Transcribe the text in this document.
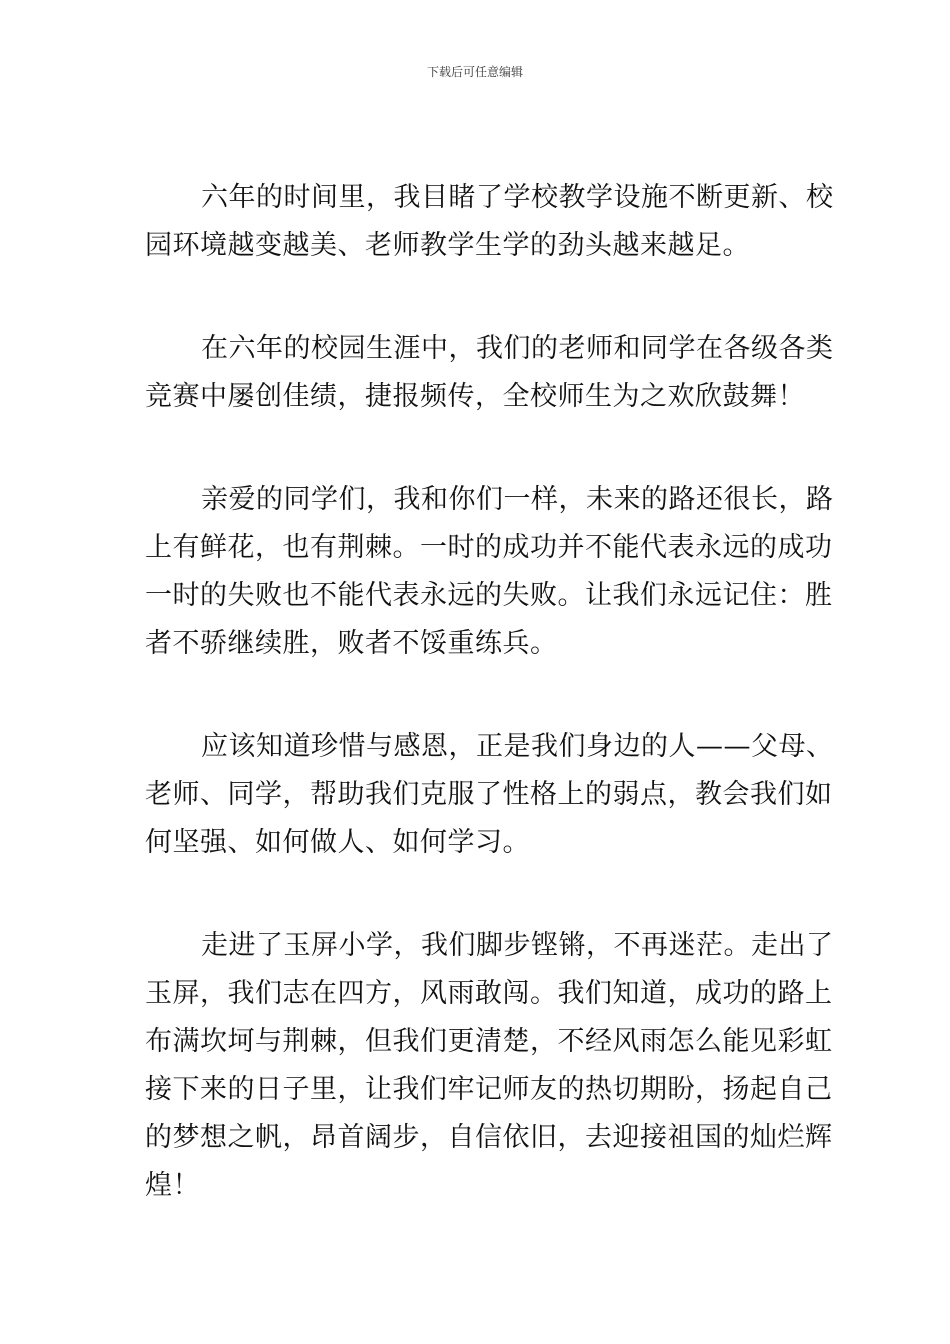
下载后可任意编辑
六年的时间里，我目睹了学校教学设施不断更新、校
园环境越变越美、老师教学生学的劲头越来越足。
在六年的校园生涯中，我们的老师和同学在各级各类
竞赛中屡创佳绩，捷报频传，全校师生为之欢欣鼓舞！
亲爱的同学们，我和你们一样，未来的路还很长，路
上有鲜花，也有荆棘。一时的成功并不能代表永远的成功
一时的失败也不能代表永远的失败。让我们永远记住：胜
者不骄继续胜，败者不馁重练兵。
应该知道珍惜与感恩，正是我们身边的人——父母、
老师、同学，帮助我们克服了性格上的弱点，教会我们如
何坚强、如何做人、如何学习。
走进了玉屏小学，我们脚步铿锵，不再迷茫。走出了
玉屏，我们志在四方，风雨敢闯。我们知道，成功的路上
布满坎坷与荆棘，但我们更清楚，不经风雨怎么能见彩虹
接下来的日子里，让我们牢记师友的热切期盼，扬起自己
的梦想之帆，昂首阔步，自信依旧，去迎接祖国的灿烂辉
煌！
